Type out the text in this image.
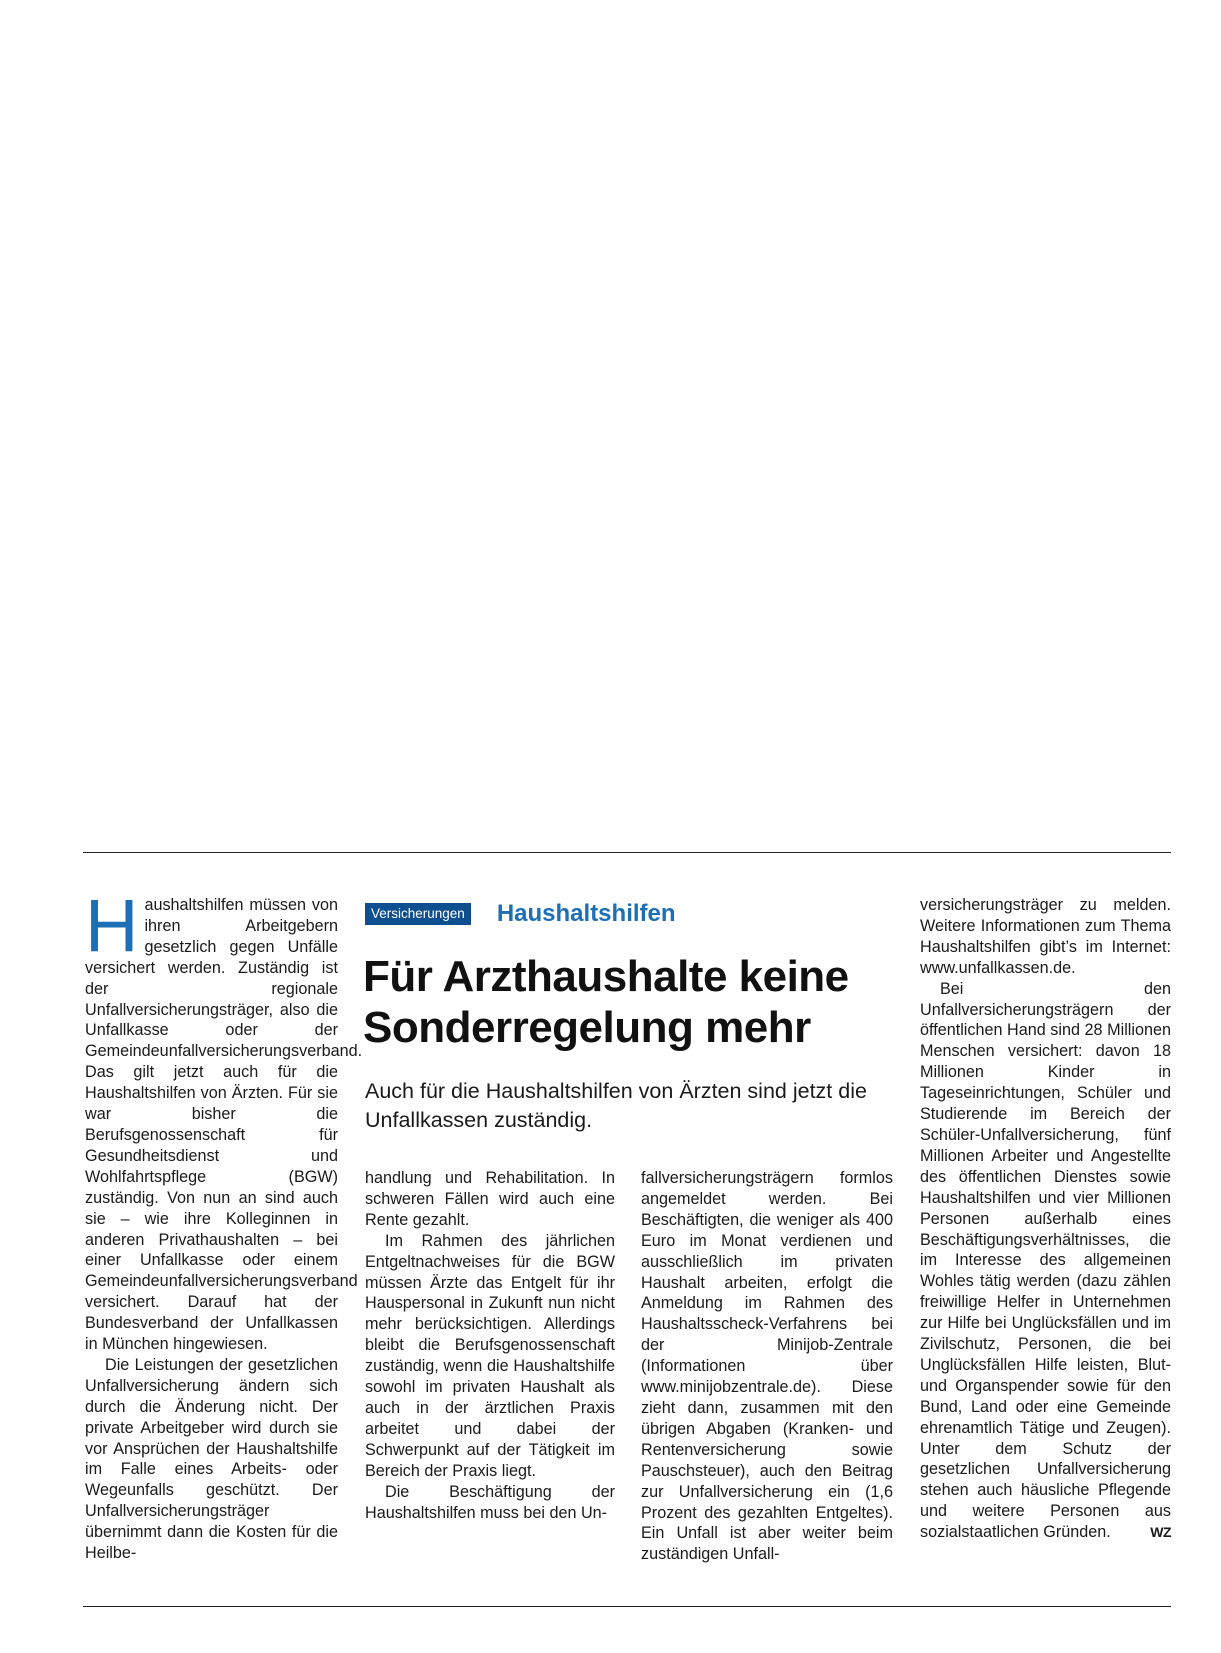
H aushaltshilfen müssen von ihren Arbeitgebern gesetzlich gegen Unfälle versichert werden. Zuständig ist der regionale Unfallversicherungsträger, also die Unfallkasse oder der Gemeindeunfallversicherungsverband. Das gilt jetzt auch für die Haushaltshilfen von Ärzten. Für sie war bisher die Berufsgenossenschaft für Gesundheitsdienst und Wohlfahrtspflege (BGW) zuständig. Von nun an sind auch sie – wie ihre Kolleginnen in anderen Privathaushalten – bei einer Unfallkasse oder einem Gemeindeunfallversicherungsverband versichert. Darauf hat der Bundesverband der Unfallkassen in München hingewiesen.

Die Leistungen der gesetzlichen Unfallversicherung ändern sich durch die Änderung nicht. Der private Arbeitgeber wird durch sie vor Ansprüchen der Haushaltshilfe im Falle eines Arbeits- oder Wegeunfalls geschützt. Der Unfallversicherungsträger übernimmt dann die Kosten für die Heilbe-

Versicherungen Haushaltshilfen
Für Arzthaushalte keine Sonderregelung mehr

Auch für die Haushaltshilfen von Ärzten sind jetzt die Unfallkassen zuständig.

handlung und Rehabilitation. In schweren Fällen wird auch eine Rente gezahlt.

Im Rahmen des jährlichen Entgeltnachweises für die BGW müssen Ärzte das Entgelt für ihr Hauspersonal in Zukunft nun nicht mehr berücksichtigen. Allerdings bleibt die Berufsgenossenschaft zuständig, wenn die Haushaltshilfe sowohl im privaten Haushalt als auch in der ärztlichen Praxis arbeitet und dabei der Schwerpunkt auf der Tätigkeit im Bereich der Praxis liegt.

Die Beschäftigung der Haushaltshilfen muss bei den Un-

fallversicherungsträgern formlos angemeldet werden. Bei Beschäftigten, die weniger als 400 Euro im Monat verdienen und ausschließlich im privaten Haushalt arbeiten, erfolgt die Anmeldung im Rahmen des Haushaltsscheck-Verfahrens bei der Minijob-Zentrale (Informationen über www.minijobzentrale.de). Diese zieht dann, zusammen mit den übrigen Abgaben (Kranken- und Rentenversicherung sowie Pauschsteuer), auch den Beitrag zur Unfallversicherung ein (1,6 Prozent des gezahlten Entgeltes). Ein Unfall ist aber weiter beim zuständigen Unfall-

versicherungsträger zu melden. Weitere Informationen zum Thema Haushaltshilfen gibt’s im Internet: www.unfallkassen.de.

Bei den Unfallversicherungsträgern der öffentlichen Hand sind 28 Millionen Menschen versichert: davon 18 Millionen Kinder in Tageseinrichtungen, Schüler und Studierende im Bereich der Schüler-Unfallversicherung, fünf Millionen Arbeiter und Angestellte des öffentlichen Dienstes sowie Haushaltshilfen und vier Millionen Personen außerhalb eines Beschäftigungsverhältnisses, die im Interesse des allgemeinen Wohles tätig werden (dazu zählen freiwillige Helfer in Unternehmen zur Hilfe bei Unglücksfällen und im Zivilschutz, Personen, die bei Unglücksfällen Hilfe leisten, Blut- und Organspender sowie für den Bund, Land oder eine Gemeinde ehrenamtlich Tätige und Zeugen). Unter dem Schutz der gesetzlichen Unfallversicherung stehen auch häusliche Pflegende und weitere Personen aus sozialstaatlichen Gründen.	WZ
